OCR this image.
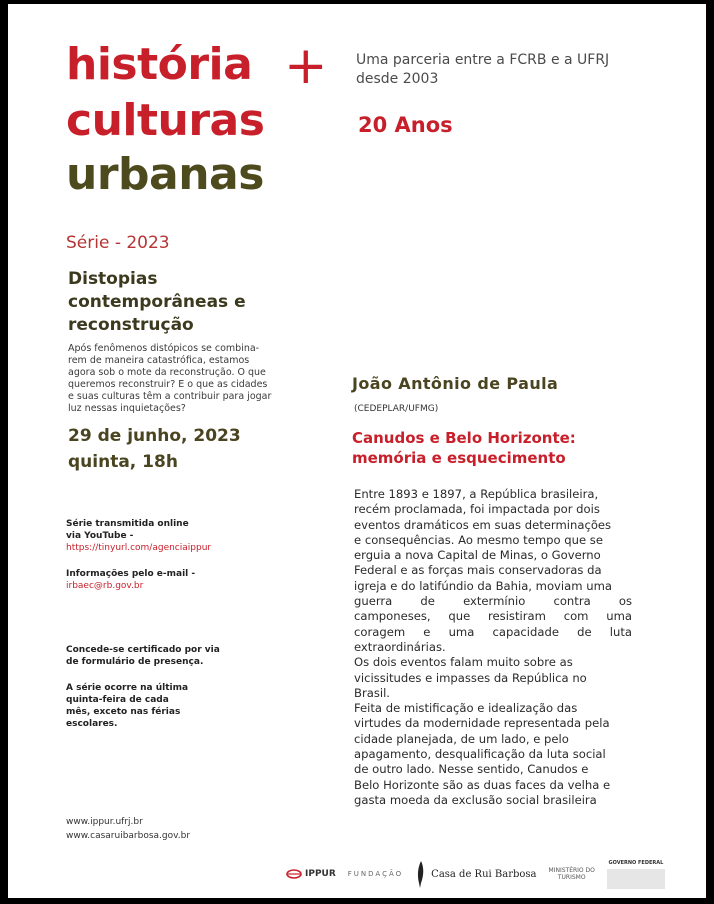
história +
culturas
urbanas
Uma parceria entre a FCRB e a UFRJ
desde 2003
20 Anos
Série - 2023
Distopias
contemporâneas e
reconstrução
Após fenômenos distópicos se combina-
rem de maneira catastrófica, estamos
agora sob o mote da reconstrução. O que
queremos reconstruir? E o que as cidades
e suas culturas têm a contribuir para jogar
luz nessas inquietações?
29 de junho, 2023
quinta, 18h
Série transmitida online
via YouTube -
https://tinyurl.com/agenciaippur
Informações pelo e-mail -
irbaec@rb.gov.br
Concede-se certificado por via
de formulário de presença.
A série ocorre na última
quinta-feira de cada
mês, exceto nas férias
escolares.
www.ippur.ufrj.br
www.casaruibarbosa.gov.br
João Antônio de Paula
(CEDEPLAR/UFMG)
Canudos e Belo Horizonte:
memória e esquecimento
Entre 1893 e 1897, a República brasileira,
recém proclamada, foi impactada por dois
eventos dramáticos em suas determinações
e consequências. Ao mesmo tempo que se
erguia a nova Capital de Minas, o Governo
Federal e as forças mais conservadoras da
igreja e do latifúndio da Bahia, moviam uma
guerra de extermínio contra os
camponeses, que resistiram com uma
coragem e uma capacidade de luta
extraordinárias.
Os dois eventos falam muito sobre as
vicissitudes e impasses da República no
Brasil.
Feita de mistificação e idealização das
virtudes da modernidade representada pela
cidade planejada, de um lado, e pelo
apagamento, desqualificação da luta social
de outro lado. Nesse sentido, Canudos e
Belo Horizonte são as duas faces da velha e
gasta moeda da exclusão social brasileira
IPPUR FUNDAÇÃO	Casa de Rui Barbosa MINISTÉRIO DO
TURISMO
GOVERNO FEDERAL
